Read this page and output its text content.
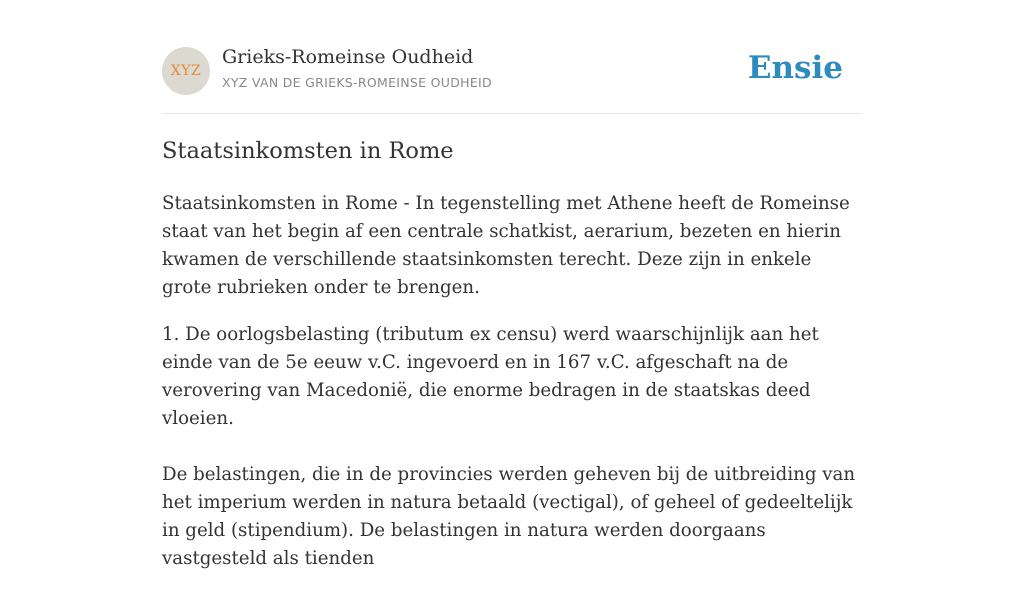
XYZ
Grieks-Romeinse Oudheid
XYZ VAN DE GRIEKS-ROMEINSE OUDHEID	Ensie
Staatsinkomsten in Rome

Staatsinkomsten in Rome - In tegenstelling met Athene heeft de Romeinse staat van het begin af een centrale schatkist, aerarium, bezeten en hierin kwamen de verschillende staatsinkomsten terecht. Deze zijn in enkele grote rubrieken onder te brengen.

1. De oorlogsbelasting (tributum ex censu) werd waarschijnlijk aan het einde van de 5e eeuw v.C. ingevoerd en in 167 v.C. afgeschaft na de verovering van Macedonië, die enorme bedragen in de staatskas deed vloeien.

De belastingen, die in de provincies werden geheven bij de uitbreiding van het imperium werden in natura betaald (vectigal), of geheel of gedeeltelijk in geld (stipendium). De belastingen in natura werden doorgaans vastgesteld als tienden
